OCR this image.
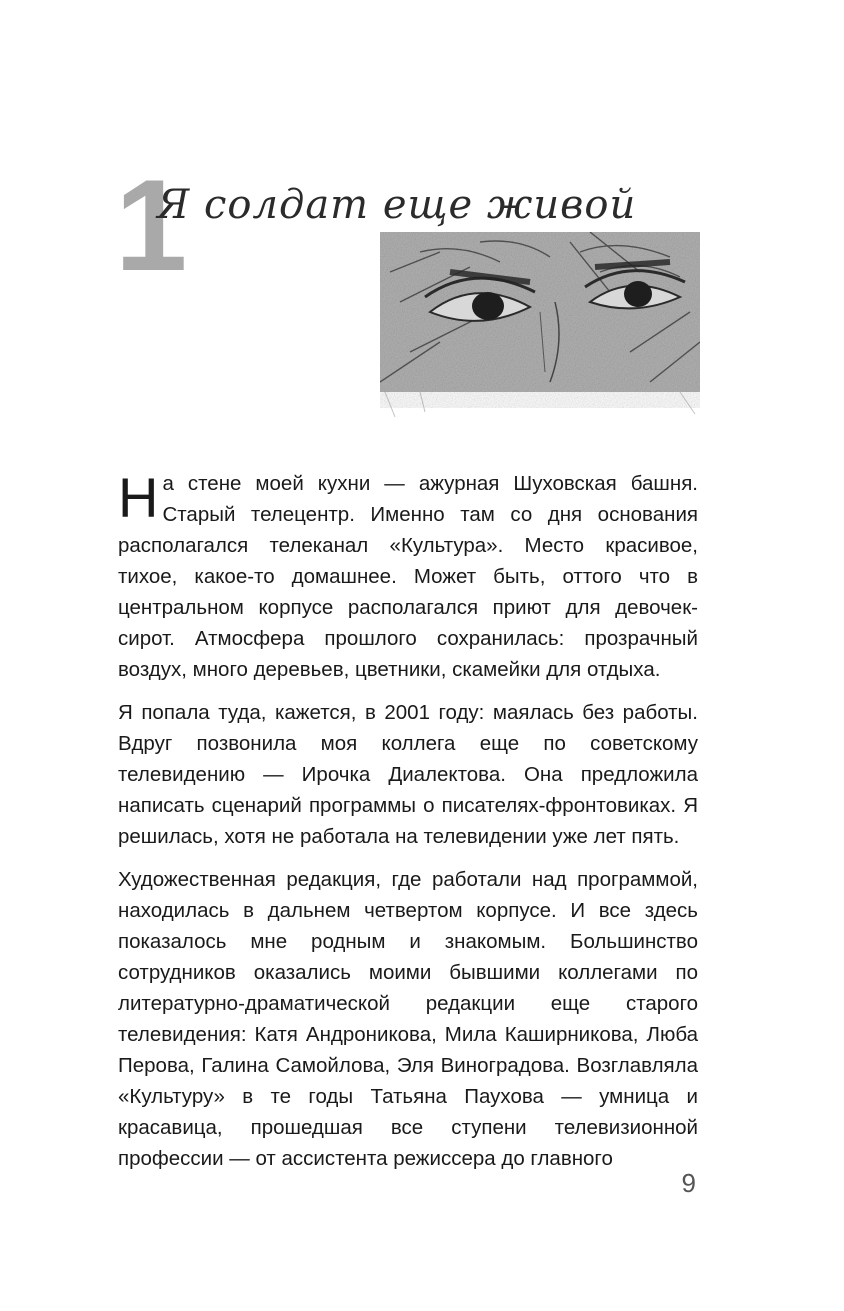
1
Я солдат еще живой

На стене моей кухни — ажурная Шуховская башня. Старый телецентр. Именно там со дня основания располагался телеканал «Культура». Место красивое, тихое, какое-то домашнее. Может быть, оттого что в центральном корпусе располагался приют для девочек-сирот. Атмосфера прошлого сохранилась: прозрачный воздух, много деревьев, цветники, скамейки для отдыха.

Я попала туда, кажется, в 2001 году: маялась без работы. Вдруг позвонила моя коллега еще по советскому телевидению — Ирочка Диалектова. Она предложила написать сценарий программы о писателях-фронтовиках. Я решилась, хотя не работала на телевидении уже лет пять.

Художественная редакция, где работали над программой, находилась в дальнем четвертом корпусе. И все здесь показалось мне родным и знакомым. Большинство сотрудников оказались моими бывшими коллегами по литературно-драматической редакции еще старого телевидения: Катя Андроникова, Мила Каширникова, Люба Перова, Галина Самойлова, Эля Виноградова. Возглавляла «Культуру» в те годы Татьяна Паухова — умница и красавица, прошедшая все ступени телевизионной профессии — от ассистента режиссера до главного

9
